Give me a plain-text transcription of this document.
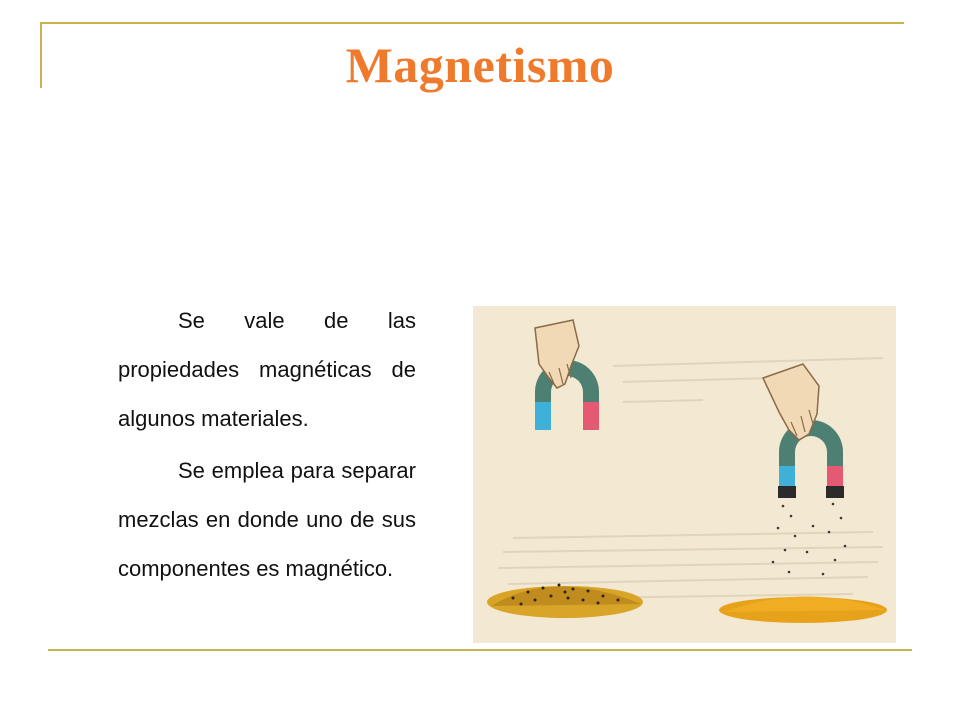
Magnetismo

Se vale de las propiedades magnéticas de algunos materiales.

Se emplea para separar mezclas en donde uno de sus componentes es magnético.
